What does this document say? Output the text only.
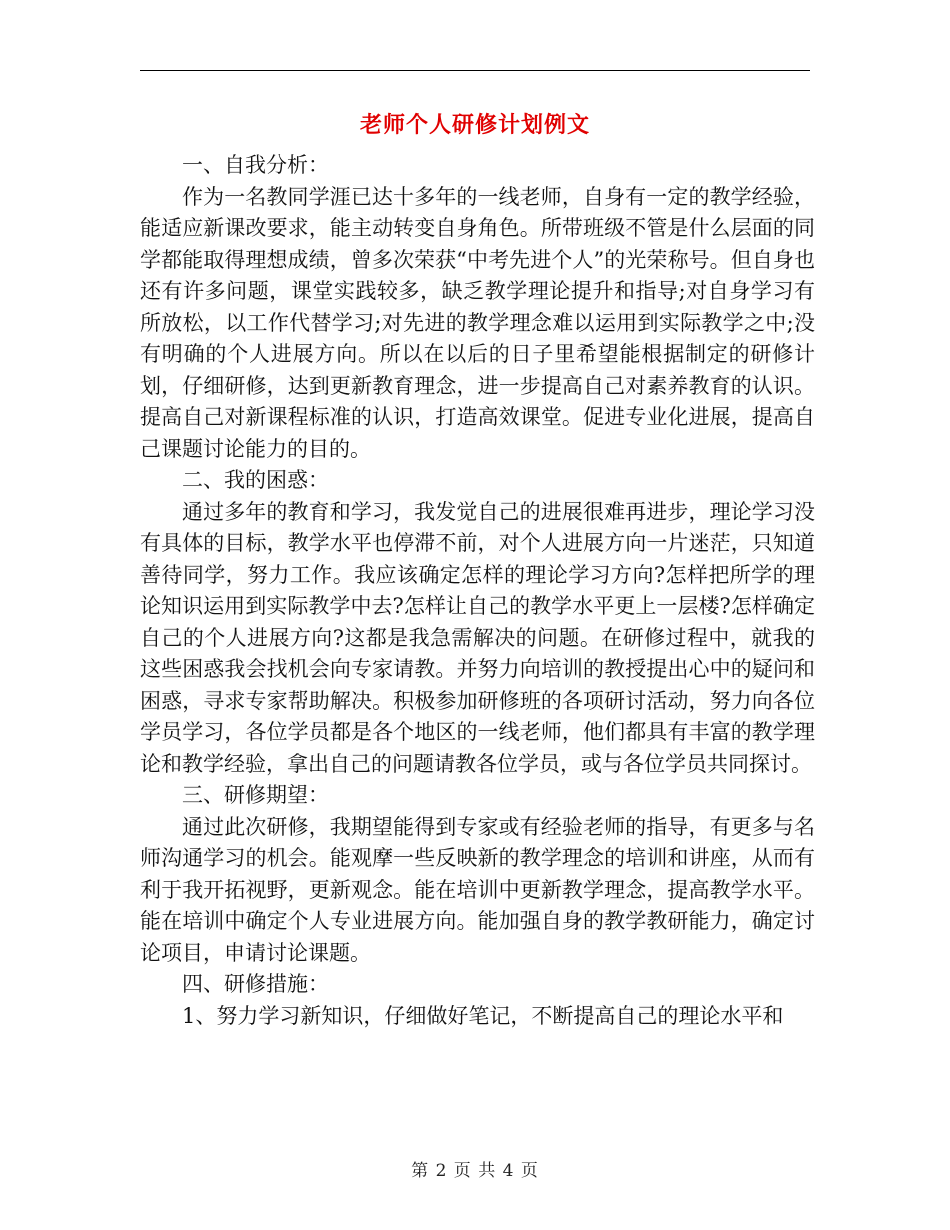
老师个人研修计划例文

一、自我分析：

作为一名教同学涯已达十多年的一线老师，自身有一定的教学经验，能适应新课改要求，能主动转变自身角色。所带班级不管是什么层面的同学都能取得理想成绩，曾多次荣获“中考先进个人”的光荣称号。但自身也还有许多问题，课堂实践较多，缺乏教学理论提升和指导;对自身学习有所放松，以工作代替学习;对先进的教学理念难以运用到实际教学之中;没有明确的个人进展方向。所以在以后的日子里希望能根据制定的研修计划，仔细研修，达到更新教育理念，进一步提高自己对素养教育的认识。提高自己对新课程标准的认识，打造高效课堂。促进专业化进展，提高自己课题讨论能力的目的。

二、我的困惑：

通过多年的教育和学习，我发觉自己的进展很难再进步，理论学习没有具体的目标，教学水平也停滞不前，对个人进展方向一片迷茫，只知道善待同学，努力工作。我应该确定怎样的理论学习方向?怎样把所学的理论知识运用到实际教学中去?怎样让自己的教学水平更上一层楼?怎样确定自己的个人进展方向?这都是我急需解决的问题。在研修过程中，就我的这些困惑我会找机会向专家请教。并努力向培训的教授提出心中的疑问和困惑，寻求专家帮助解决。积极参加研修班的各项研讨活动，努力向各位学员学习，各位学员都是各个地区的一线老师，他们都具有丰富的教学理论和教学经验，拿出自己的问题请教各位学员，或与各位学员共同探讨。

三、研修期望：

通过此次研修，我期望能得到专家或有经验老师的指导，有更多与名师沟通学习的机会。能观摩一些反映新的教学理念的培训和讲座，从而有利于我开拓视野，更新观念。能在培训中更新教学理念，提高教学水平。能在培训中确定个人专业进展方向。能加强自身的教学教研能力，确定讨论项目，申请讨论课题。

四、研修措施：

1、努力学习新知识，仔细做好笔记，不断提高自己的理论水平和

第 2 页 共 4 页
